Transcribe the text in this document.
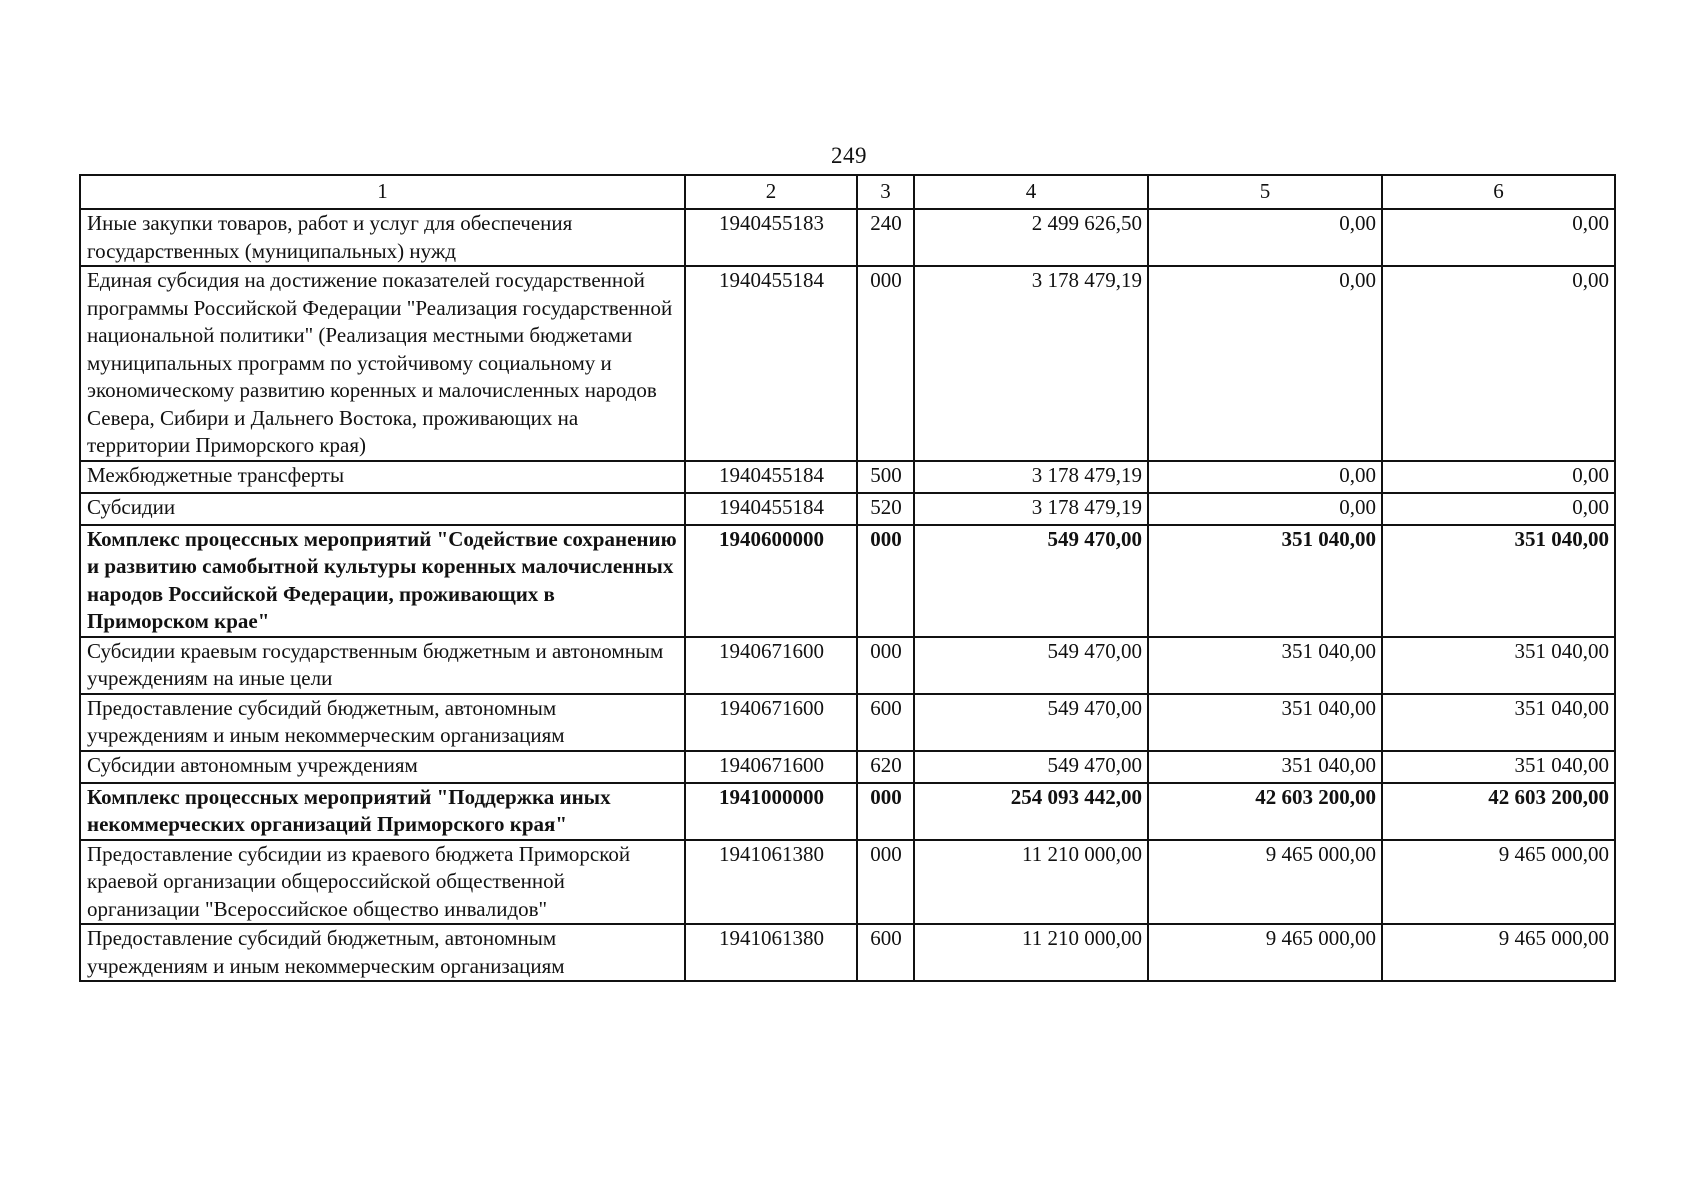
249
1	2	3	4	5	6
Иные закупки товаров, работ и услуг для обеспечения государственных (муниципальных) нужд	1940455183	240	2 499 626,50	0,00	0,00
Единая субсидия на достижение показателей государственной программы Российской Федерации "Реализация государственной национальной политики" (Реализация местными бюджетами муниципальных программ по устойчивому социальному и экономическому развитию коренных и малочисленных народов Севера, Сибири и Дальнего Востока, проживающих на территории Приморского края)	1940455184	000	3 178 479,19	0,00	0,00
Межбюджетные трансферты	1940455184	500	3 178 479,19	0,00	0,00
Субсидии	1940455184	520	3 178 479,19	0,00	0,00
Комплекс процессных мероприятий "Содействие сохранению и развитию самобытной культуры коренных малочисленных народов Российской Федерации, проживающих в Приморском крае"	1940600000	000	549 470,00	351 040,00	351 040,00
Субсидии краевым государственным бюджетным и автономным учреждениям на иные цели	1940671600	000	549 470,00	351 040,00	351 040,00
Предоставление субсидий бюджетным, автономным учреждениям и иным некоммерческим организациям	1940671600	600	549 470,00	351 040,00	351 040,00
Субсидии автономным учреждениям	1940671600	620	549 470,00	351 040,00	351 040,00
Комплекс процессных мероприятий "Поддержка иных некоммерческих организаций Приморского края"	1941000000	000	254 093 442,00	42 603 200,00	42 603 200,00
Предоставление субсидии из краевого бюджета Приморской краевой организации общероссийской общественной организации "Всероссийское общество инвалидов"	1941061380	000	11 210 000,00	9 465 000,00	9 465 000,00
Предоставление субсидий бюджетным, автономным учреждениям и иным некоммерческим организациям	1941061380	600	11 210 000,00	9 465 000,00	9 465 000,00
